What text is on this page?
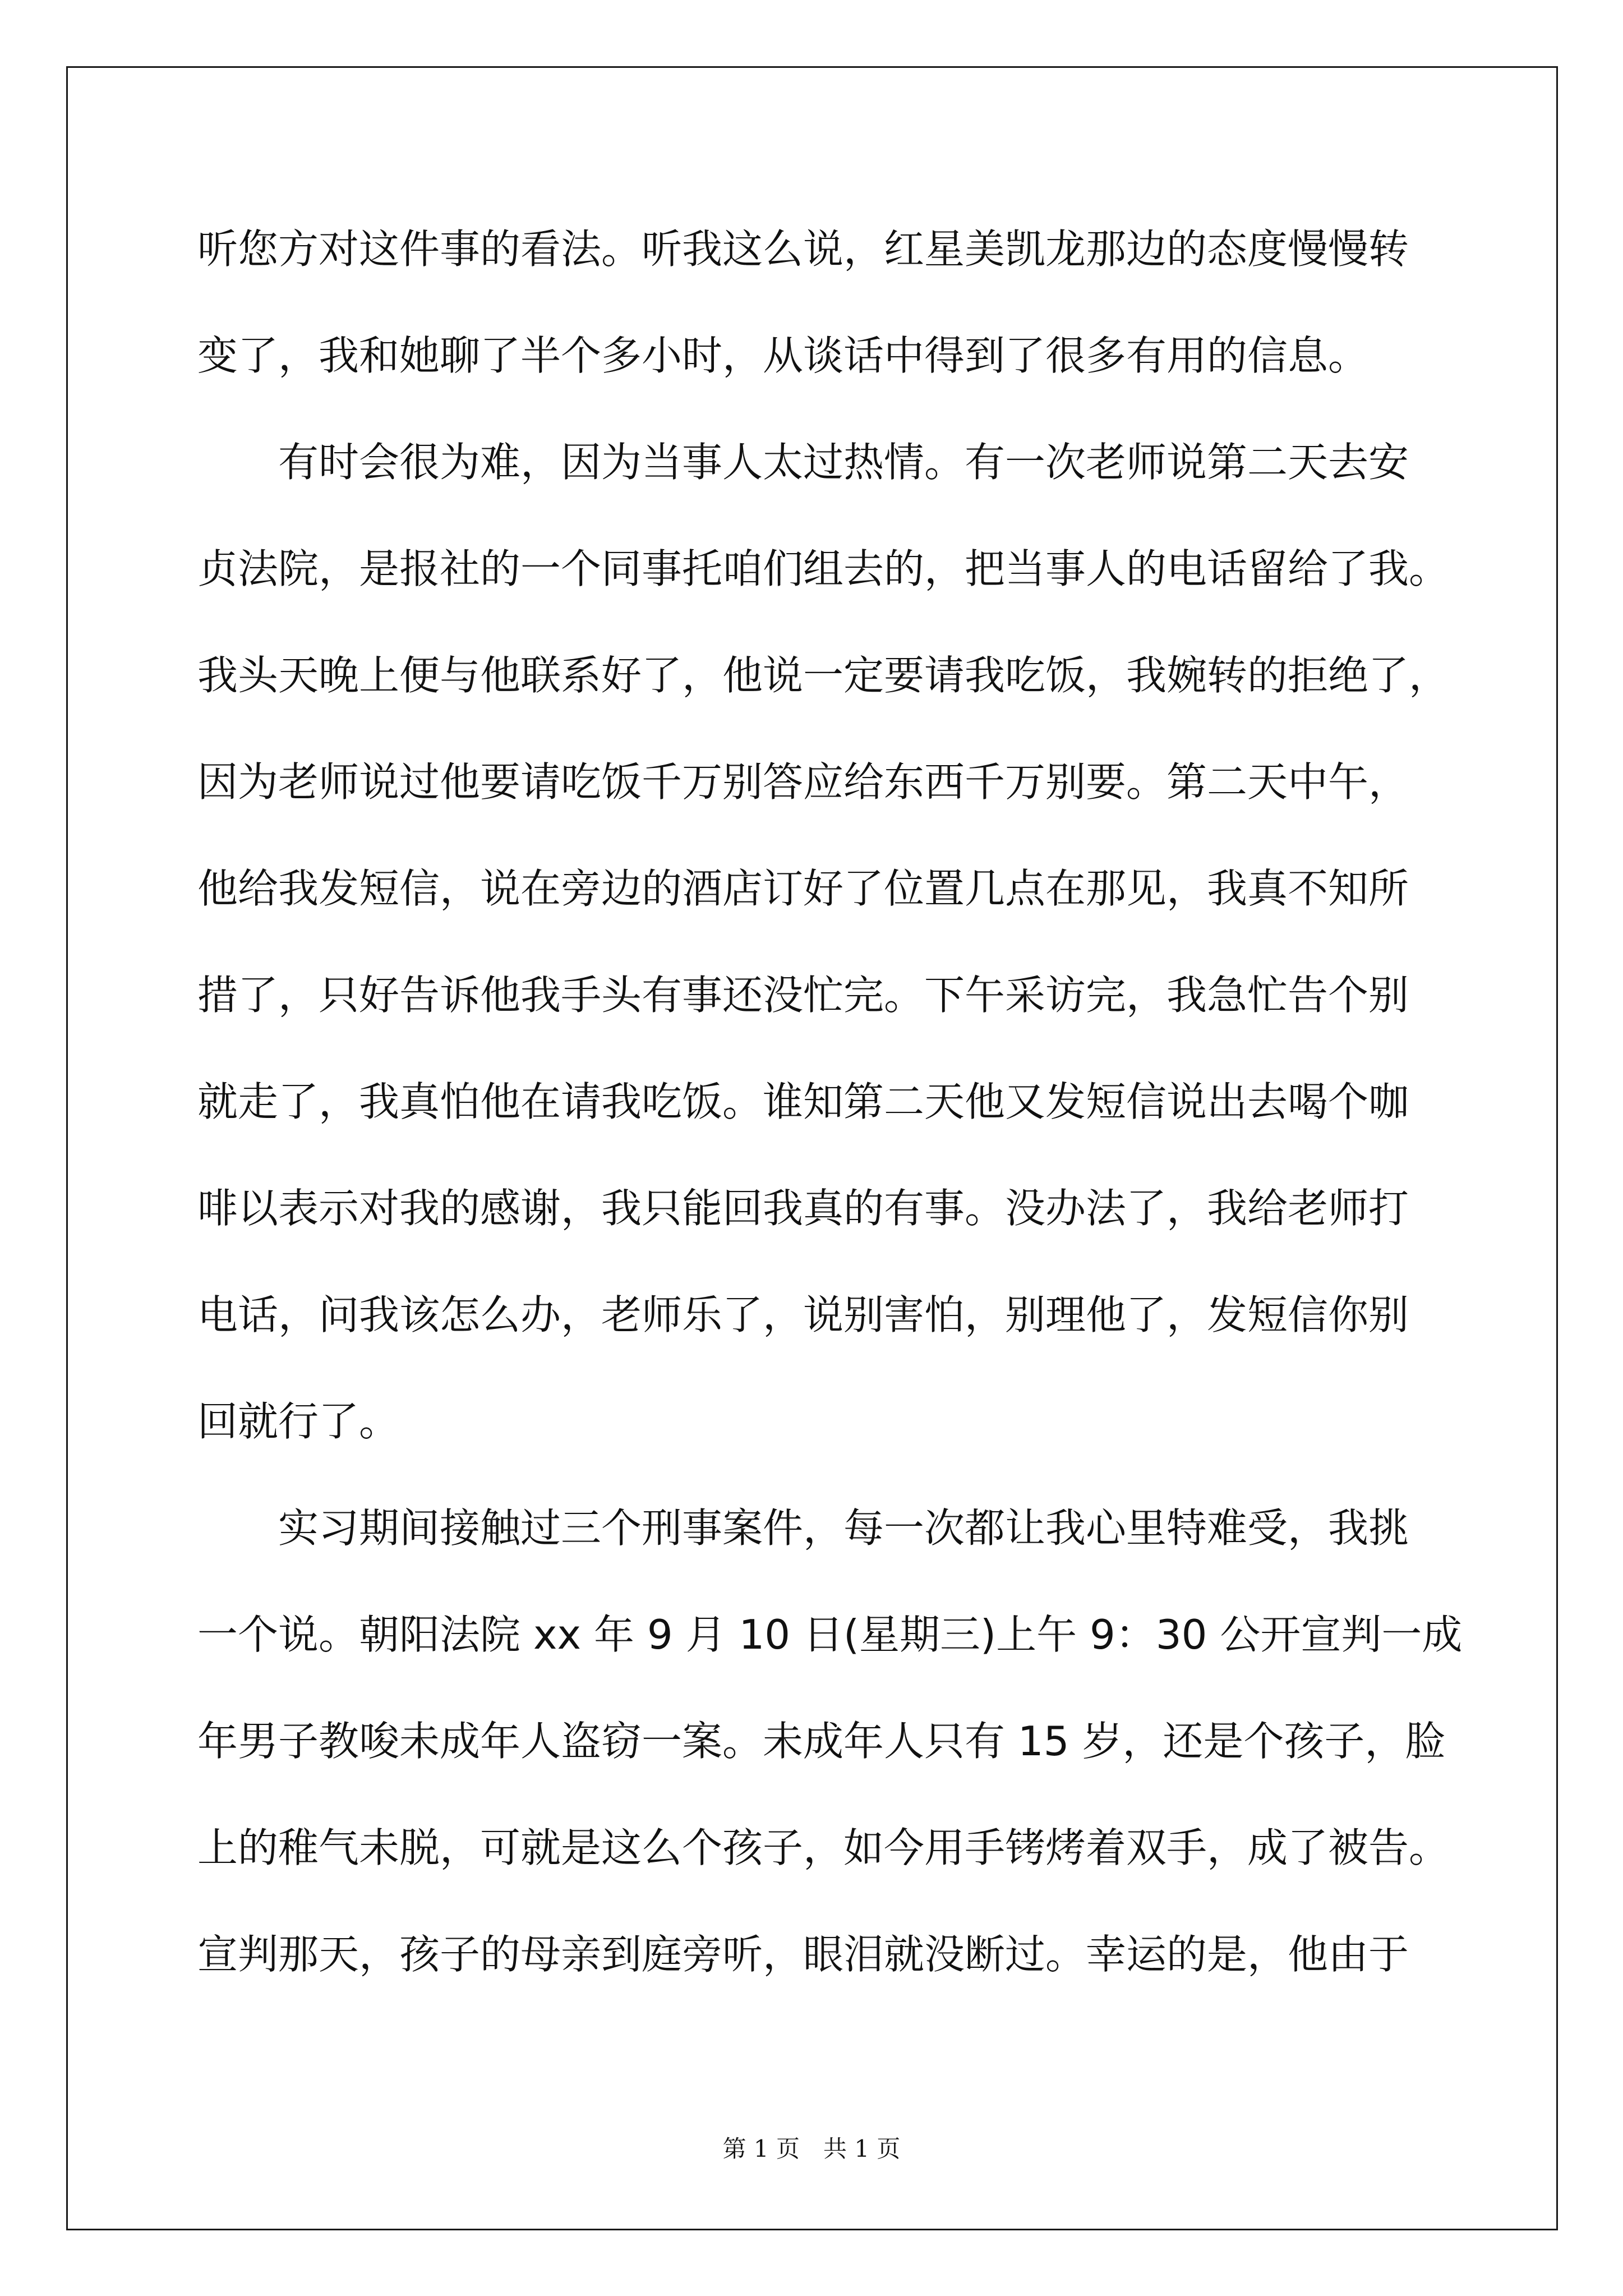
听您方对这件事的看法。听我这么说，红星美凯龙那边的态度慢慢转

变了，我和她聊了半个多小时，从谈话中得到了很多有用的信息。

　　有时会很为难，因为当事人太过热情。有一次老师说第二天去安

贞法院，是报社的一个同事托咱们组去的，把当事人的电话留给了我。

我头天晚上便与他联系好了，他说一定要请我吃饭，我婉转的拒绝了，

因为老师说过他要请吃饭千万别答应给东西千万别要。第二天中午，

他给我发短信，说在旁边的酒店订好了位置几点在那见，我真不知所

措了，只好告诉他我手头有事还没忙完。下午采访完，我急忙告个别

就走了，我真怕他在请我吃饭。谁知第二天他又发短信说出去喝个咖

啡以表示对我的感谢，我只能回我真的有事。没办法了，我给老师打

电话，问我该怎么办，老师乐了，说别害怕，别理他了，发短信你别

回就行了。

　　实习期间接触过三个刑事案件，每一次都让我心里特难受，我挑

一个说。朝阳法院 xx 年 9 月 10 日(星期三)上午 9：30 公开宣判一成

年男子教唆未成年人盗窃一案。未成年人只有 15 岁，还是个孩子，脸

上的稚气未脱，可就是这么个孩子，如今用手铐烤着双手，成了被告。

宣判那天，孩子的母亲到庭旁听，眼泪就没断过。幸运的是，他由于

第 1 页　共 1 页
